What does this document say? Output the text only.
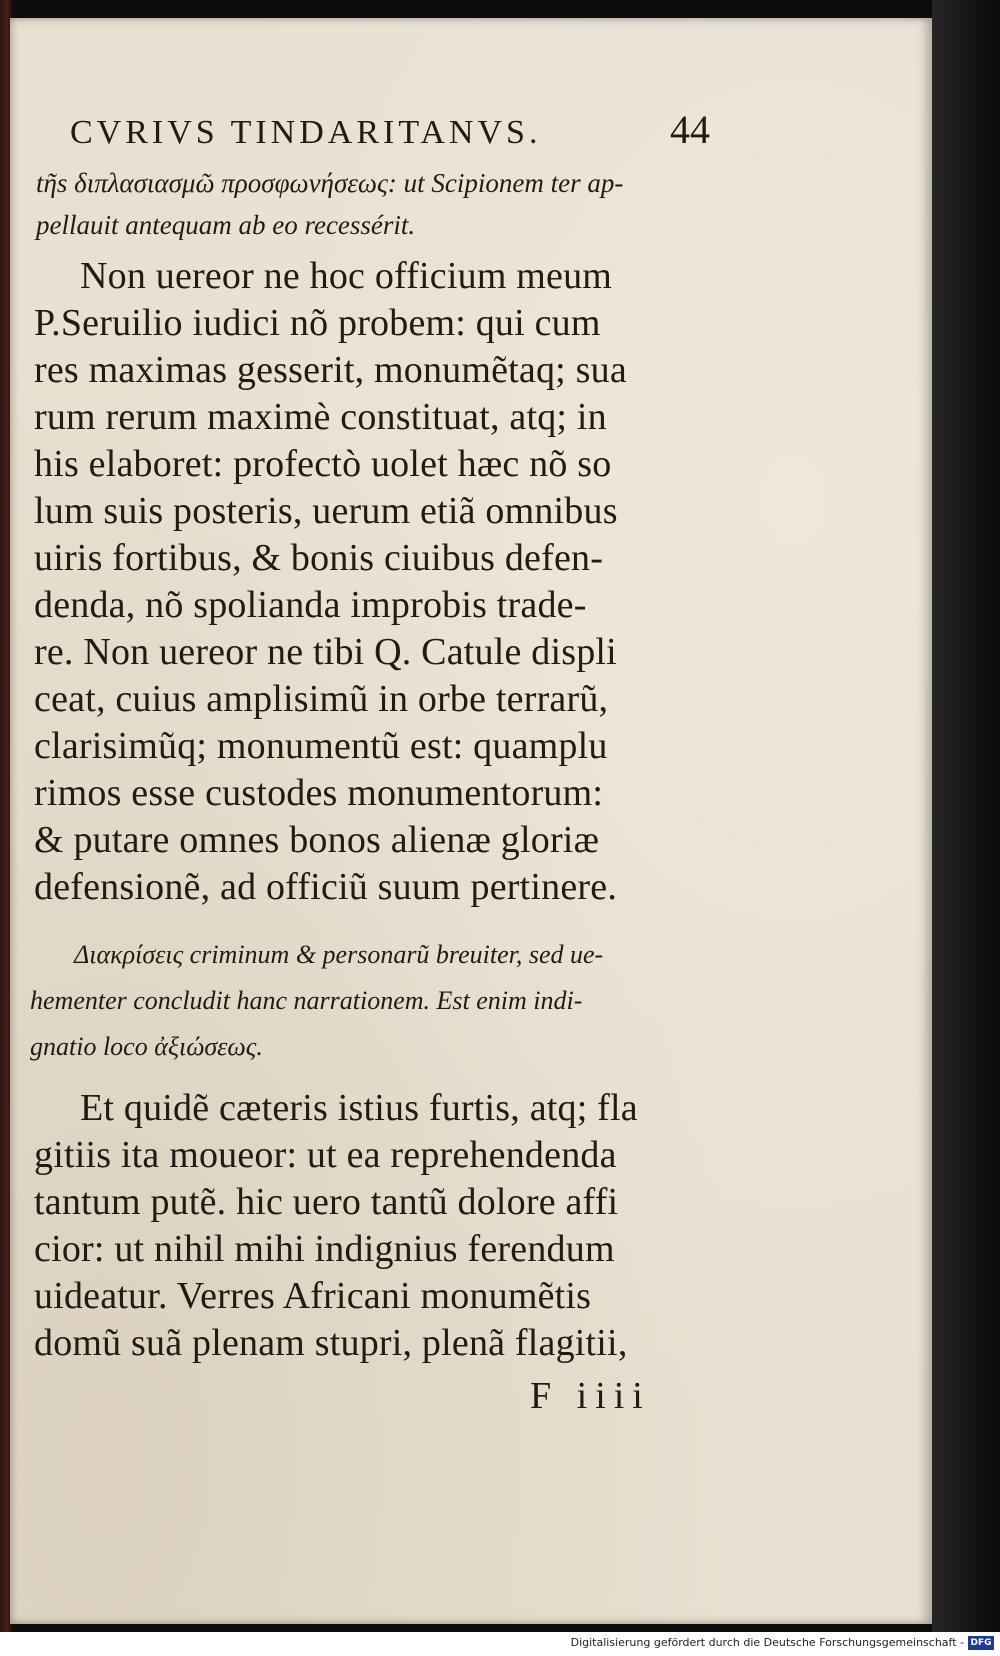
CVRIVS TINDARITANVS.	44
tῆs διπλασιασμῶ προσφωνήσεως: ut Scipionem ter ap-
pellauit antequam ab eo recessérit.
Non uereor ne hoc officium meum
P.Seruilio iudici nõ probem: qui cum
res maximas gesserit, monumẽtaq; sua
rum rerum maximè constituat, atq; in
his elaboret: profectò uolet hæc nõ so
lum suis posteris, uerum etiã omnibus
uiris fortibus, & bonis ciuibus defen-
denda, nõ spolianda improbis trade-
re. Non uereor ne tibi Q. Catule displi
ceat, cuius amplisimũ in orbe terrarũ,
clarisimũq; monumentũ est: quamplu
rimos esse custodes monumentorum:
& putare omnes bonos alienæ gloriæ
defensionẽ, ad officiũ suum pertinere.
Διακρίσεις criminum & personarũ breuiter, sed ue-
hementer concludit hanc narrationem. Est enim indi-
gnatio loco ἀξιώσεως.
Et quidẽ cæteris istius furtis, atq; fla
gitiis ita moueor: ut ea reprehendenda
tantum putẽ. hic uero tantũ dolore affi
cior: ut nihil mihi indignius ferendum
uideatur. Verres Africani monumẽtis
domũ suã plenam stupri, plenã flagitii,
F iiii
Digitalisierung gefördert durch die Deutsche Forschungsgemeinschaft - DFG
